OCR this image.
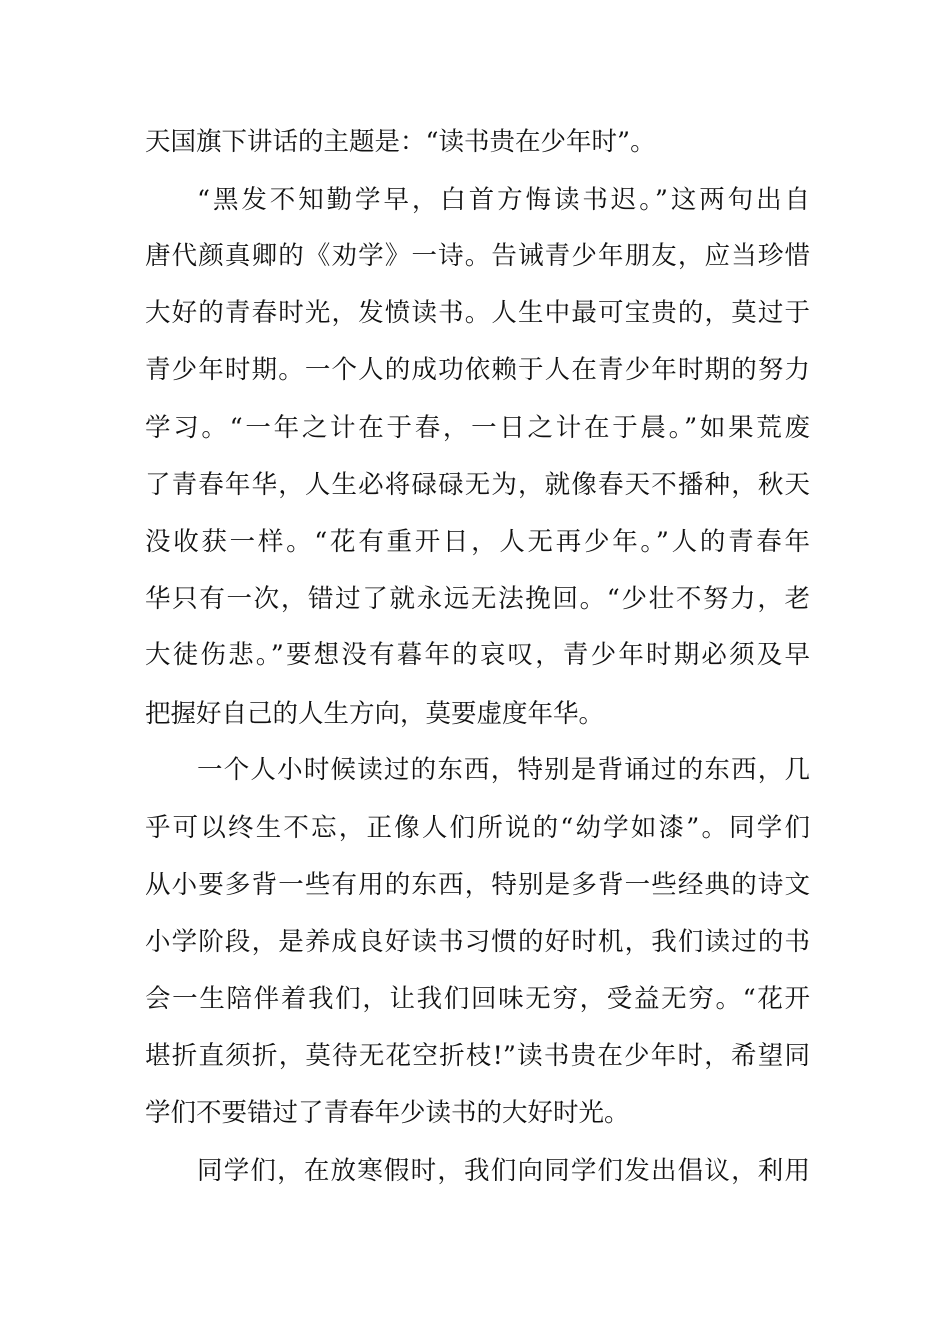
天国旗下讲话的主题是：“读书贵在少年时”。
“黑发不知勤学早，白首方悔读书迟。”这两句出自
唐代颜真卿的《劝学》一诗。告诫青少年朋友，应当珍惜
大好的青春时光，发愤读书。人生中最可宝贵的，莫过于
青少年时期。一个人的成功依赖于人在青少年时期的努力
学习。“一年之计在于春，一日之计在于晨。”如果荒废
了青春年华，人生必将碌碌无为，就像春天不播种，秋天
没收获一样。“花有重开日，人无再少年。”人的青春年
华只有一次，错过了就永远无法挽回。“少壮不努力，老
大徒伤悲。”要想没有暮年的哀叹，青少年时期必须及早
把握好自己的人生方向，莫要虚度年华。
一个人小时候读过的东西，特别是背诵过的东西，几
乎可以终生不忘，正像人们所说的“幼学如漆”。同学们
从小要多背一些有用的东西，特别是多背一些经典的诗文
小学阶段，是养成良好读书习惯的好时机，我们读过的书
会一生陪伴着我们，让我们回味无穷，受益无穷。“花开
堪折直须折，莫待无花空折枝!”读书贵在少年时，希望同
学们不要错过了青春年少读书的大好时光。
同学们，在放寒假时，我们向同学们发出倡议，利用
